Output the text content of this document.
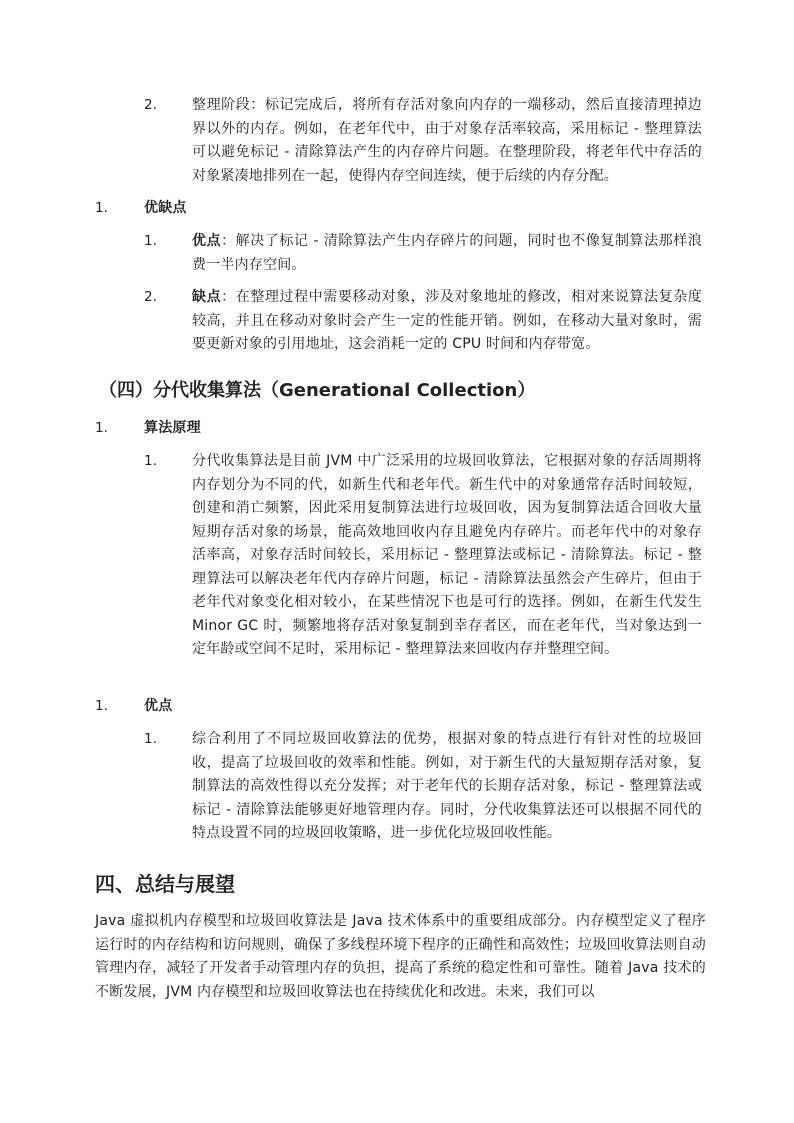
2.	整理阶段：标记完成后，将所有存活对象向内存的一端移动，然后直接清理掉边界以外的内存。例如，在老年代中，由于对象存活率较高，采用标记 - 整理算法可以避免标记 - 清除算法产生的内存碎片问题。在整理阶段，将老年代中存活的对象紧凑地排列在一起，使得内存空间连续，便于后续的内存分配。
1.	优缺点
1.	优点：解决了标记 - 清除算法产生内存碎片的问题，同时也不像复制算法那样浪费一半内存空间。
2.	缺点：在整理过程中需要移动对象，涉及对象地址的修改，相对来说算法复杂度较高，并且在移动对象时会产生一定的性能开销。例如，在移动大量对象时，需要更新对象的引用地址，这会消耗一定的 CPU 时间和内存带宽。
（四）分代收集算法（Generational Collection）
1.	算法原理
1.	分代收集算法是目前 JVM 中广泛采用的垃圾回收算法，它根据对象的存活周期将内存划分为不同的代，如新生代和老年代。新生代中的对象通常存活时间较短，创建和消亡频繁，因此采用复制算法进行垃圾回收，因为复制算法适合回收大量短期存活对象的场景，能高效地回收内存且避免内存碎片。而老年代中的对象存活率高，对象存活时间较长，采用标记 - 整理算法或标记 - 清除算法。标记 - 整理算法可以解决老年代内存碎片问题，标记 - 清除算法虽然会产生碎片，但由于老年代对象变化相对较小，在某些情况下也是可行的选择。例如，在新生代发生 Minor GC 时，频繁地将存活对象复制到幸存者区，而在老年代，当对象达到一定年龄或空间不足时，采用标记 - 整理算法来回收内存并整理空间。
1.	优点
1.	综合利用了不同垃圾回收算法的优势，根据对象的特点进行有针对性的垃圾回收，提高了垃圾回收的效率和性能。例如，对于新生代的大量短期存活对象，复制算法的高效性得以充分发挥；对于老年代的长期存活对象，标记 - 整理算法或标记 - 清除算法能够更好地管理内存。同时，分代收集算法还可以根据不同代的特点设置不同的垃圾回收策略，进一步优化垃圾回收性能。
四、总结与展望
Java 虚拟机内存模型和垃圾回收算法是 Java 技术体系中的重要组成部分。内存模型定义了程序运行时的内存结构和访问规则，确保了多线程环境下程序的正确性和高效性；垃圾回收算法则自动管理内存，减轻了开发者手动管理内存的负担，提高了系统的稳定性和可靠性。随着 Java 技术的不断发展，JVM 内存模型和垃圾回收算法也在持续优化和改进。未来，我们可以
